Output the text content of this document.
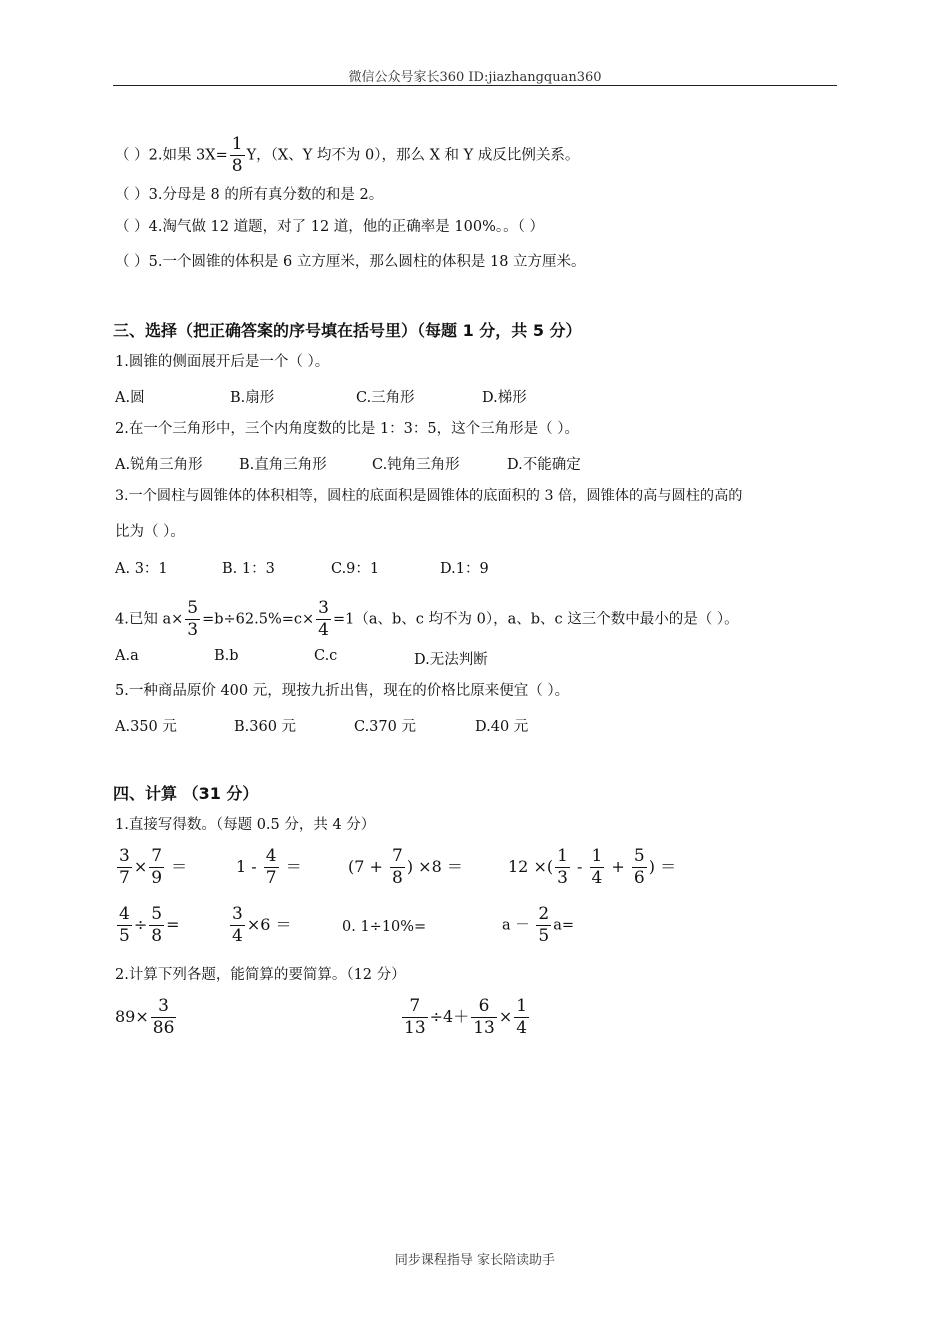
微信公众号家长360 ID:jiazhangquan360
（ ）2.如果 $3X= \frac{1}{8}$ Y，（X、Y 均不为 0），那么 X 和 Y 成反比例关系。
（ ）3.分母是 8 的所有真分数的和是 2。
（ ）4.淘气做 12 道题，对了 12 道，他的正确率是 100%。。（ ）
（ ）5.一个圆锥的体积是 6 立方厘米，那么圆柱的体积是 18 立方厘米。
三、选择（把正确答案的序号填在括号里）（每题 1 分，共 5 分）
1.圆锥的侧面展开后是一个（ ）。
A.圆	B.扇形	C.三角形	D.梯形
2.在一个三角形中，三个内角度数的比是 1：3：5，这个三角形是（ ）。
A.锐角三角形	B.直角三角形	C.钝角三角形	D.不能确定
3.一个圆柱与圆锥体的体积相等，圆柱的底面积是圆锥体的底面积的 3 倍，圆锥体的高与圆柱的高的
比为（ ）。
A. 3：1	B. 1：3	C.9：1	D.1：9
4.已知 $a\times \frac{5}{3} =b\div 62.5\%=c\times \frac{3}{4} =1(a$、b、c 均不为 0），a、b、c 这三个数中最小的是（ ）。
A.a	B.b	C.c	D.无法判断
5.一种商品原价 400 元，现按九折出售，现在的价格比原来便宜（ ）。
A.350 元	B.360 元	C.370 元	D.40 元
四、计算 （31 分）
1.直接写得数。（每题 0.5 分，共 4 分）
$\frac{3}{7} \times \frac{7}{9}$ ＝	$1 - \frac{4}{7}$ ＝	($7 + \frac{7}{8}$ ) ×8 ＝	12 ×( $\frac{1}{3} - \frac{1}{4} + \frac{5}{6}$ ) ＝
$\frac{4}{5} \div \frac{5}{8}$ =	$\frac{3}{4} \times 6$ ＝	0. 1÷10%=	$a - \frac{2}{5} a=$
2.计算下列各题，能简算的要简算。（12 分）
$89\times \frac{3}{86}$	$\frac{7}{13} \div 4+ \frac{6}{13} \times \frac{1}{4}$
同步课程指导 家长陪读助手
